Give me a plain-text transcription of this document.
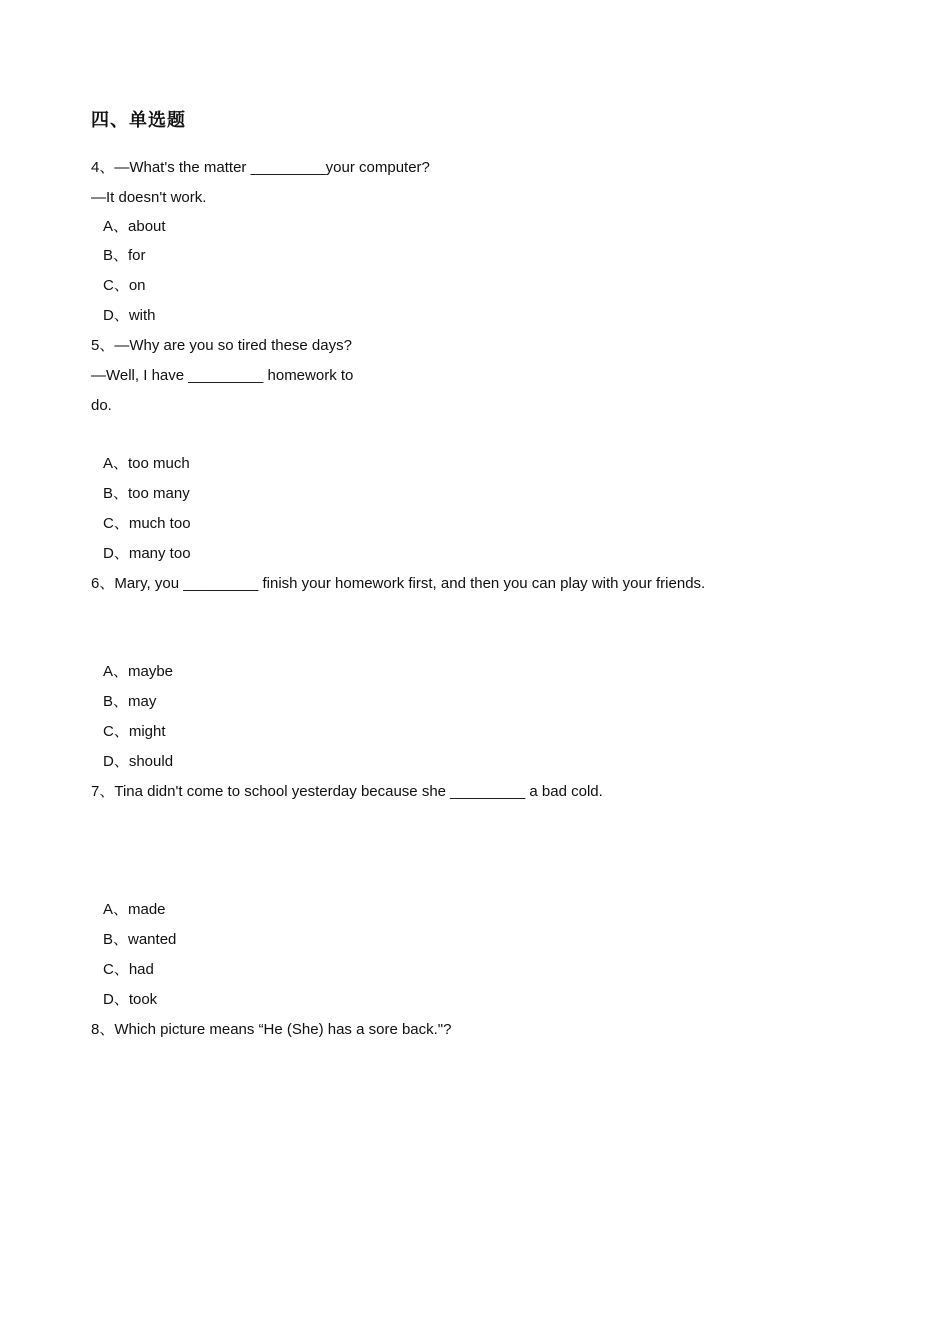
四、单选题
4、—What's the matter _________your computer?
—It doesn't work.
A、about
B、for
C、on
D、with
5、—Why are you so tired these days?
—Well, I have _________ homework to
do.
A、too much
B、too many
C、much too
D、many too
6、Mary, you _________ finish your homework first, and then you can play with your friends.
A、maybe
B、may
C、might
D、should
7、Tina didn't come to school yesterday because she _________ a bad cold.
A、made
B、wanted
C、had
D、took
8、Which picture means “He (She) has a sore back."?
